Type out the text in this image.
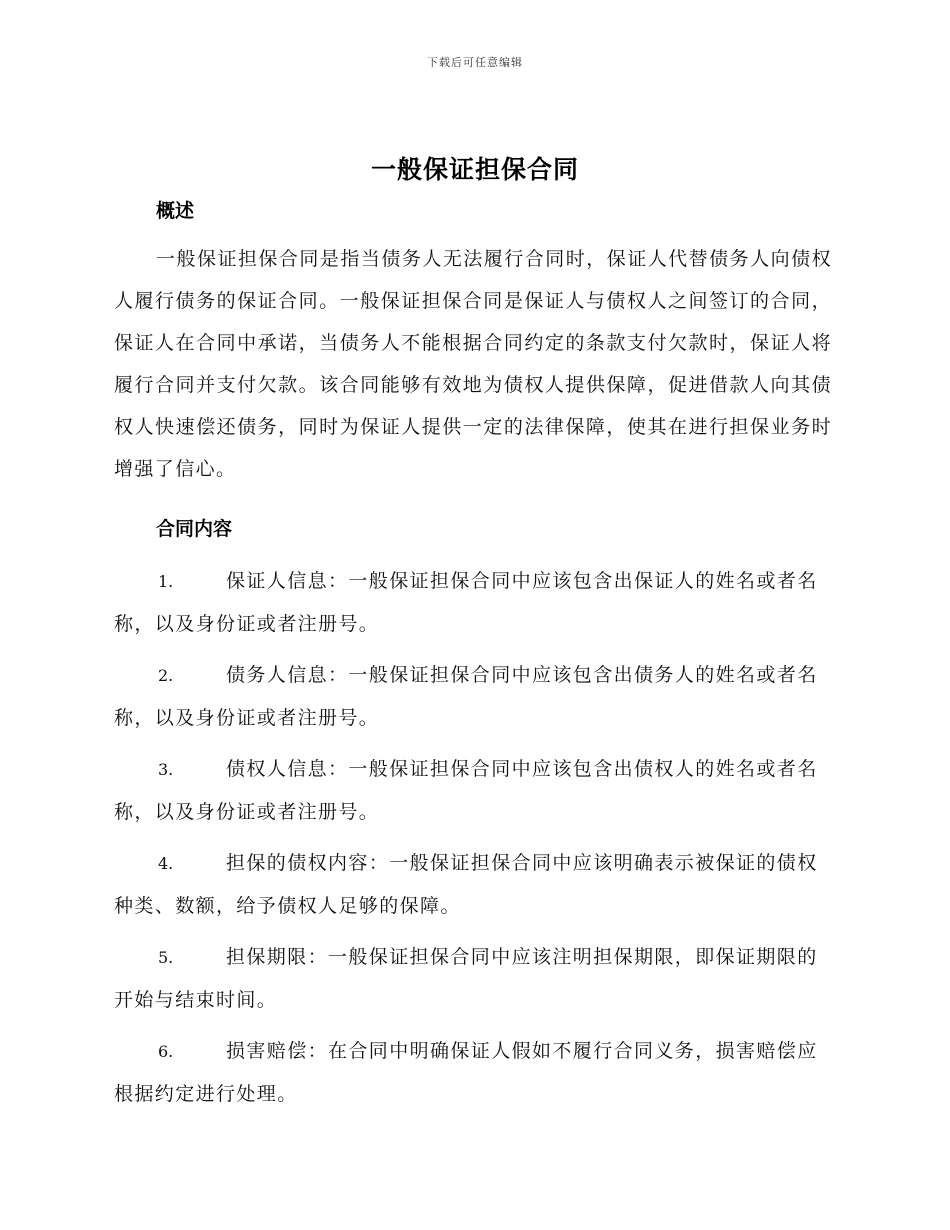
下载后可任意编辑
一般保证担保合同
概述

一般保证担保合同是指当债务人无法履行合同时，保证人代替债务人向债权人履行债务的保证合同。一般保证担保合同是保证人与债权人之间签订的合同，保证人在合同中承诺，当债务人不能根据合同约定的条款支付欠款时，保证人将履行合同并支付欠款。该合同能够有效地为债权人提供保障，促进借款人向其债权人快速偿还债务，同时为保证人提供一定的法律保障，使其在进行担保业务时增强了信心。

合同内容
1.	保证人信息：一般保证担保合同中应该包含出保证人的姓名或者名称，以及身份证或者注册号。
2.	债务人信息：一般保证担保合同中应该包含出债务人的姓名或者名称，以及身份证或者注册号。
3.	债权人信息：一般保证担保合同中应该包含出债权人的姓名或者名称，以及身份证或者注册号。
4.	担保的债权内容：一般保证担保合同中应该明确表示被保证的债权种类、数额，给予债权人足够的保障。
5.	担保期限：一般保证担保合同中应该注明担保期限，即保证期限的开始与结束时间。
6.	损害赔偿：在合同中明确保证人假如不履行合同义务，损害赔偿应根据约定进行处理。
